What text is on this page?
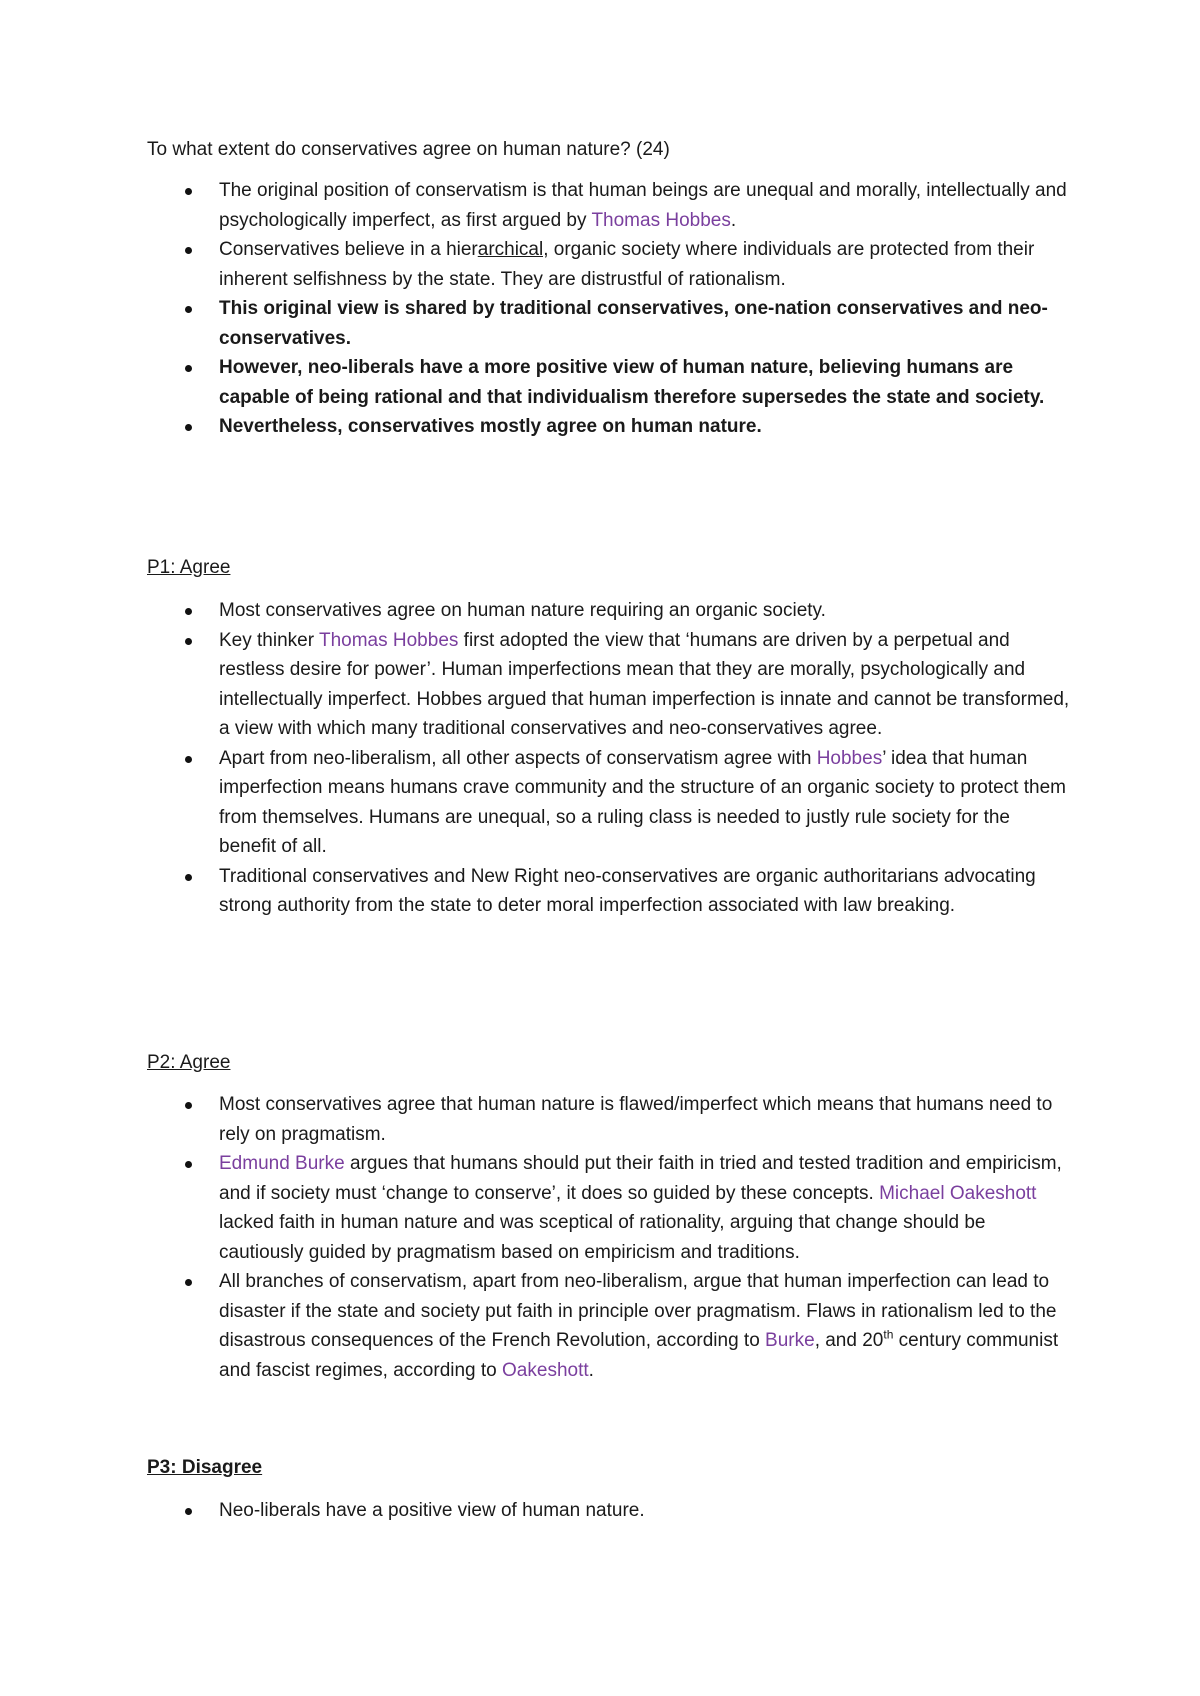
To what extent do conservatives agree on human nature? (24)

The original position of conservatism is that human beings are unequal and morally, intellectually and psychologically imperfect, as first argued by Thomas Hobbes.
Conservatives believe in a hierarchical, organic society where individuals are protected from their inherent selfishness by the state. They are distrustful of rationalism.
This original view is shared by traditional conservatives, one-nation conservatives and neo-conservatives.
However, neo-liberals have a more positive view of human nature, believing humans are capable of being rational and that individualism therefore supersedes the state and society.
Nevertheless, conservatives mostly agree on human nature.

P1: Agree

Most conservatives agree on human nature requiring an organic society.
Key thinker Thomas Hobbes first adopted the view that ‘humans are driven by a perpetual and restless desire for power’. Human imperfections mean that they are morally, psychologically and intellectually imperfect. Hobbes argued that human imperfection is innate and cannot be transformed, a view with which many traditional conservatives and neo-conservatives agree.
Apart from neo-liberalism, all other aspects of conservatism agree with Hobbes’ idea that human imperfection means humans crave community and the structure of an organic society to protect them from themselves. Humans are unequal, so a ruling class is needed to justly rule society for the benefit of all.
Traditional conservatives and New Right neo-conservatives are organic authoritarians advocating strong authority from the state to deter moral imperfection associated with law breaking.

P2: Agree

Most conservatives agree that human nature is flawed/imperfect which means that humans need to rely on pragmatism.
Edmund Burke argues that humans should put their faith in tried and tested tradition and empiricism, and if society must ‘change to conserve’, it does so guided by these concepts. Michael Oakeshott lacked faith in human nature and was sceptical of rationality, arguing that change should be cautiously guided by pragmatism based on empiricism and traditions.
All branches of conservatism, apart from neo-liberalism, argue that human imperfection can lead to disaster if the state and society put faith in principle over pragmatism. Flaws in rationalism led to the disastrous consequences of the French Revolution, according to Burke, and 20th century communist and fascist regimes, according to Oakeshott.

P3: Disagree

Neo-liberals have a positive view of human nature.
